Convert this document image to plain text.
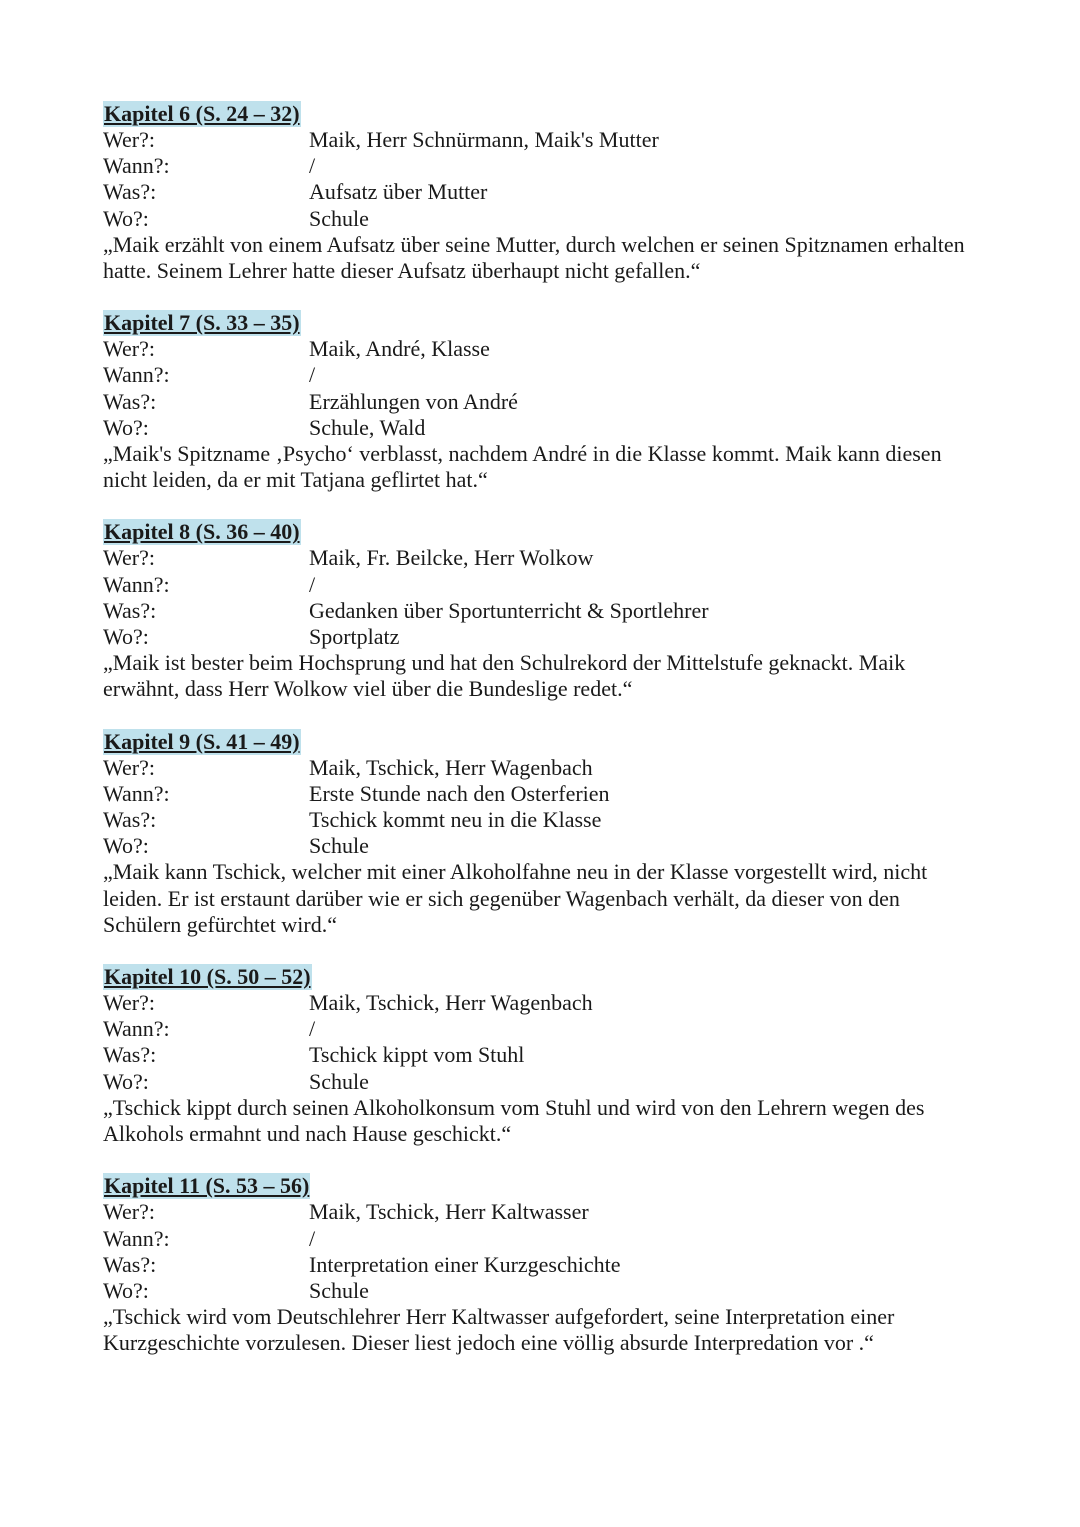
Kapitel 6 (S. 24 – 32)
Wer?:	Maik, Herr Schnürmann, Maik's Mutter
Wann?:	/
Was?:	Aufsatz über Mutter
Wo?:	Schule

„Maik erzählt von einem Aufsatz über seine Mutter, durch welchen er seinen Spitznamen erhalten hatte. Seinem Lehrer hatte dieser Aufsatz überhaupt nicht gefallen.“

Kapitel 7 (S. 33 – 35)
Wer?:	Maik, André, Klasse
Wann?:	/
Was?:	Erzählungen von André
Wo?:	Schule, Wald

„Maik's Spitzname ‚Psycho‘ verblasst, nachdem André in die Klasse kommt. Maik kann diesen nicht leiden, da er mit Tatjana geflirtet hat.“

Kapitel 8 (S. 36 – 40)
Wer?:	Maik, Fr. Beilcke, Herr Wolkow
Wann?:	/
Was?:	Gedanken über Sportunterricht & Sportlehrer
Wo?:	Sportplatz

„Maik ist bester beim Hochsprung und hat den Schulrekord der Mittelstufe geknackt. Maik erwähnt, dass Herr Wolkow viel über die Bundesligе redet.“

Kapitel 9 (S. 41 – 49)
Wer?:	Maik, Tschick, Herr Wagenbach
Wann?:	Erste Stunde nach den Osterferien
Was?:	Tschick kommt neu in die Klasse
Wo?:	Schule

„Maik kann Tschick, welcher mit einer Alkoholfahne neu in der Klasse vorgestellt wird, nicht leiden. Er ist erstaunt darüber wie er sich gegenüber Wagenbach verhält, da dieser von den Schülern gefürchtet wird.“

Kapitel 10 (S. 50 – 52)
Wer?:	Maik, Tschick, Herr Wagenbach
Wann?:	/
Was?:	Tschick kippt vom Stuhl
Wo?:	Schule

„Tschick kippt durch seinen Alkoholkonsum vom Stuhl und wird von den Lehrern wegen des Alkohols ermahnt und nach Hause geschickt.“

Kapitel 11 (S. 53 – 56)
Wer?:	Maik, Tschick, Herr Kaltwasser
Wann?:	/
Was?:	Interpretation einer Kurzgeschichte
Wo?:	Schule

„Tschick wird vom Deutschlehrer Herr Kaltwasser aufgefordert, seine Interpretation einer Kurzgeschichte vorzulesen. Dieser liest jedoch eine völlig absurde Interpredation vor .“
